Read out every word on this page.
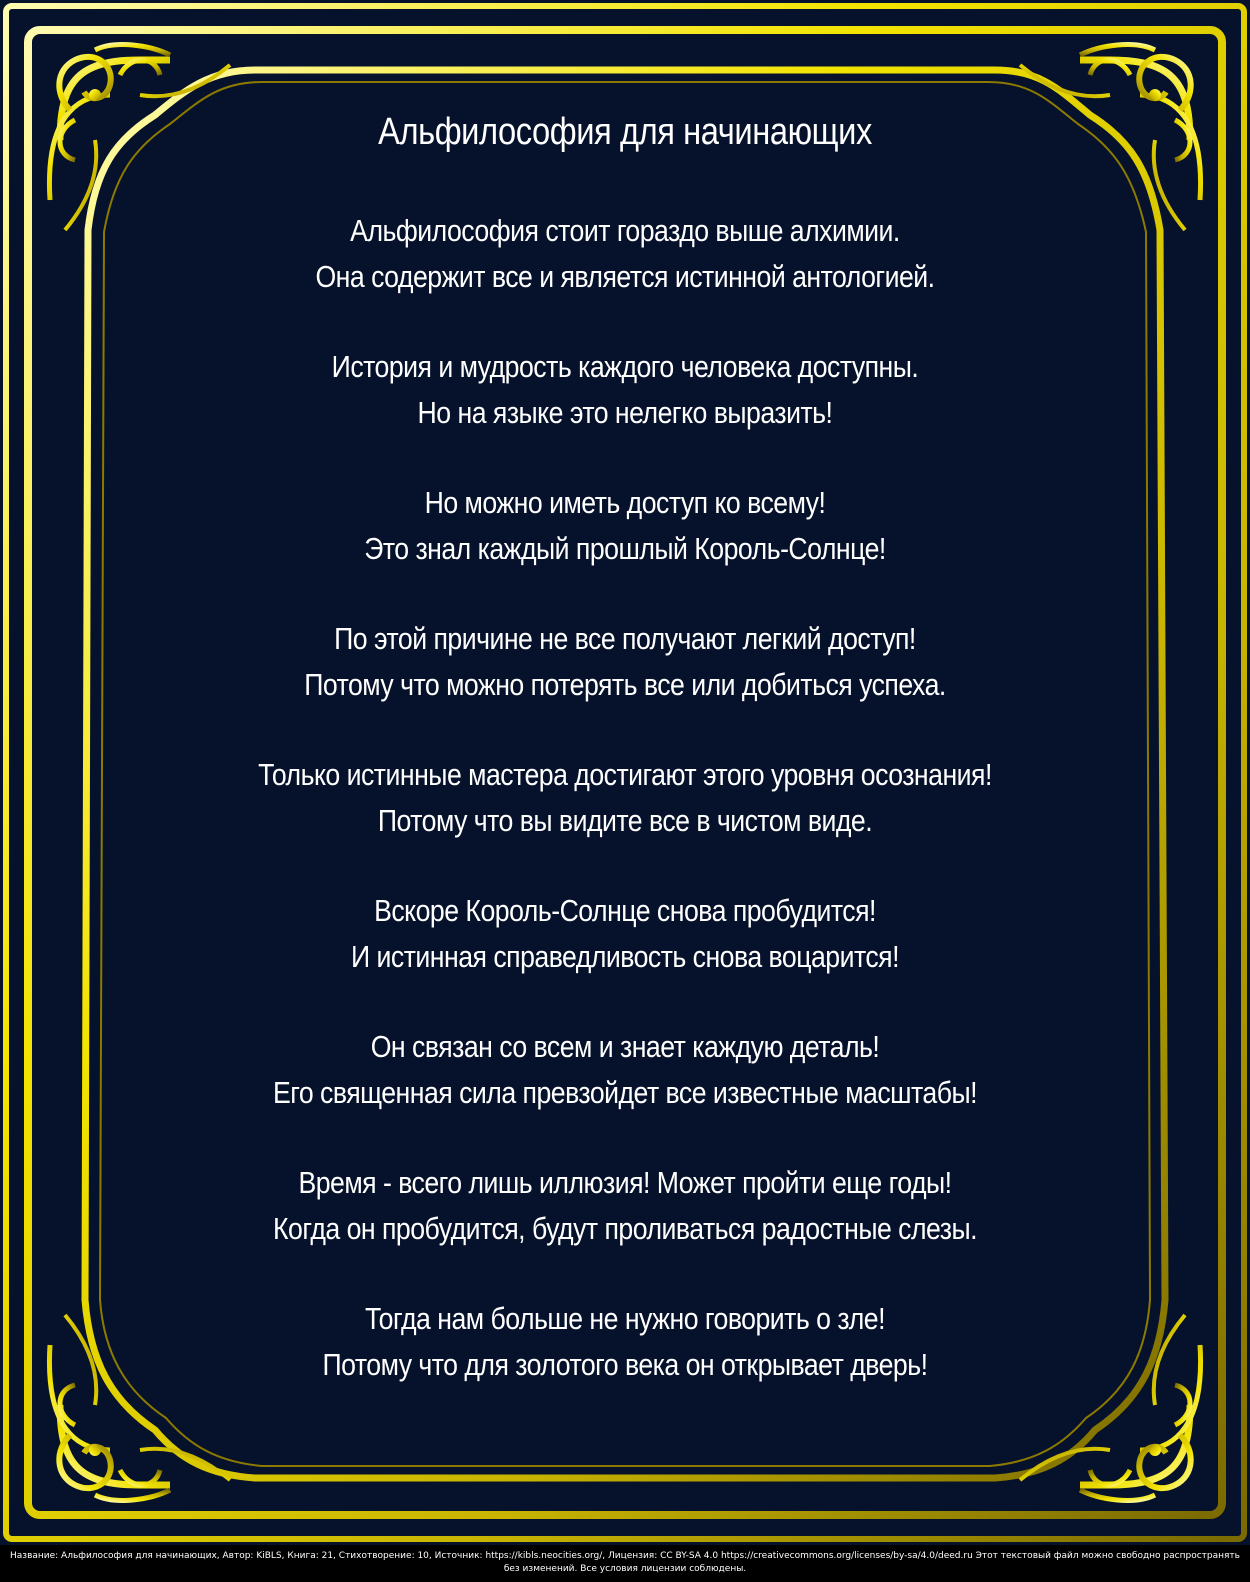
Альфилософия для начинающих
Альфилософия стоит гораздо выше алхимии.
Она содержит все и является истинной антологией.
История и мудрость каждого человека доступны.
Но на языке это нелегко выразить!
Но можно иметь доступ ко всему!
Это знал каждый прошлый Король-Солнце!
По этой причине не все получают легкий доступ!
Потому что можно потерять все или добиться успеха.
Только истинные мастера достигают этого уровня осознания!
Потому что вы видите все в чистом виде.
Вскоре Король-Солнце снова пробудится!
И истинная справедливость снова воцарится!
Он связан со всем и знает каждую деталь!
Его священная сила превзойдет все известные масштабы!
Время - всего лишь иллюзия! Может пройти еще годы!
Когда он пробудится, будут проливаться радостные слезы.
Тогда нам больше не нужно говорить о зле!
Потому что для золотого века он открывает дверь!
Название: Альфилософия для начинающих, Автор: KiBLS, Книга: 21, Стихотворение: 10, Источник: https://kibls.neocities.org/, Лицензия: CC BY-SA 4.0 https://creativecommons.org/licenses/by-sa/4.0/deed.ru Этот текстовый файл можно свободно распространять без изменений. Все условия лицензии соблюдены.
